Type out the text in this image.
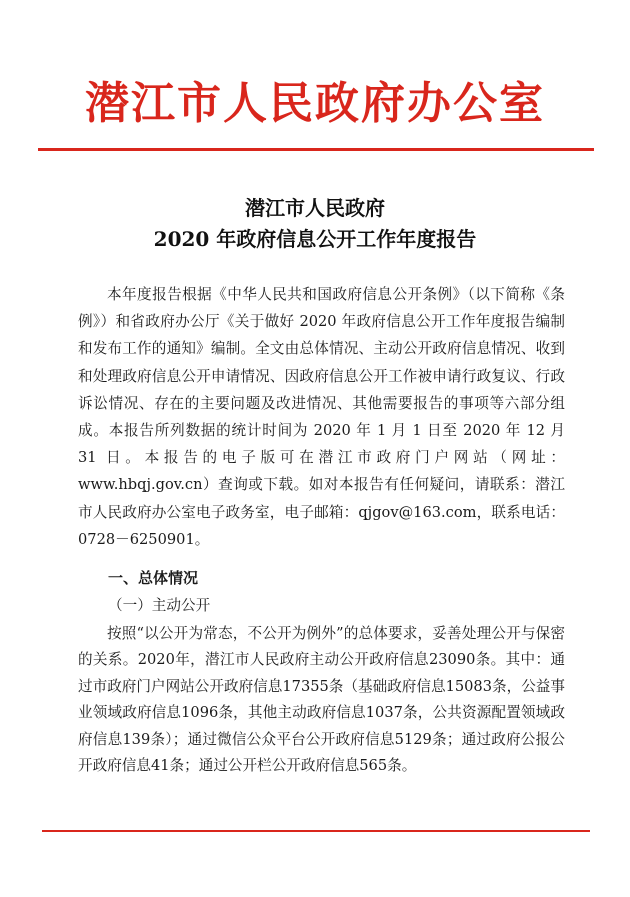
潜江市人民政府办公室
潜江市人民政府
2020 年政府信息公开工作年度报告

本年度报告根据《中华人民共和国政府信息公开条例》（以下简称《条例》）和省政府办公厅《关于做好 2020 年政府信息公开工作年度报告编制和发布工作的通知》编制。全文由总体情况、主动公开政府信息情况、收到和处理政府信息公开申请情况、因政府信息公开工作被申请行政复议、行政诉讼情况、存在的主要问题及改进情况、其他需要报告的事项等六部分组成。本报告所列数据的统计时间为 2020 年 1 月 1 日至 2020 年 12 月 31 日。本报告的电子版可在潜江市政府门户网站（网址：www.hbqj.gov.cn）查询或下载。如对本报告有任何疑问，请联系：潜江市人民政府办公室电子政务室，电子邮箱：qjgov@163.com，联系电话：0728－6250901。

一、总体情况
（一）主动公开

按照“以公开为常态，不公开为例外”的总体要求，妥善处理公开与保密的关系。2020年，潜江市人民政府主动公开政府信息23090条。其中：通过市政府门户网站公开政府信息17355条（基础政府信息15083条，公益事业领域政府信息1096条，其他主动政府信息1037条，公共资源配置领域政府信息139条）；通过微信公众平台公开政府信息5129条；通过政府公报公开政府信息41条；通过公开栏公开政府信息565条。
